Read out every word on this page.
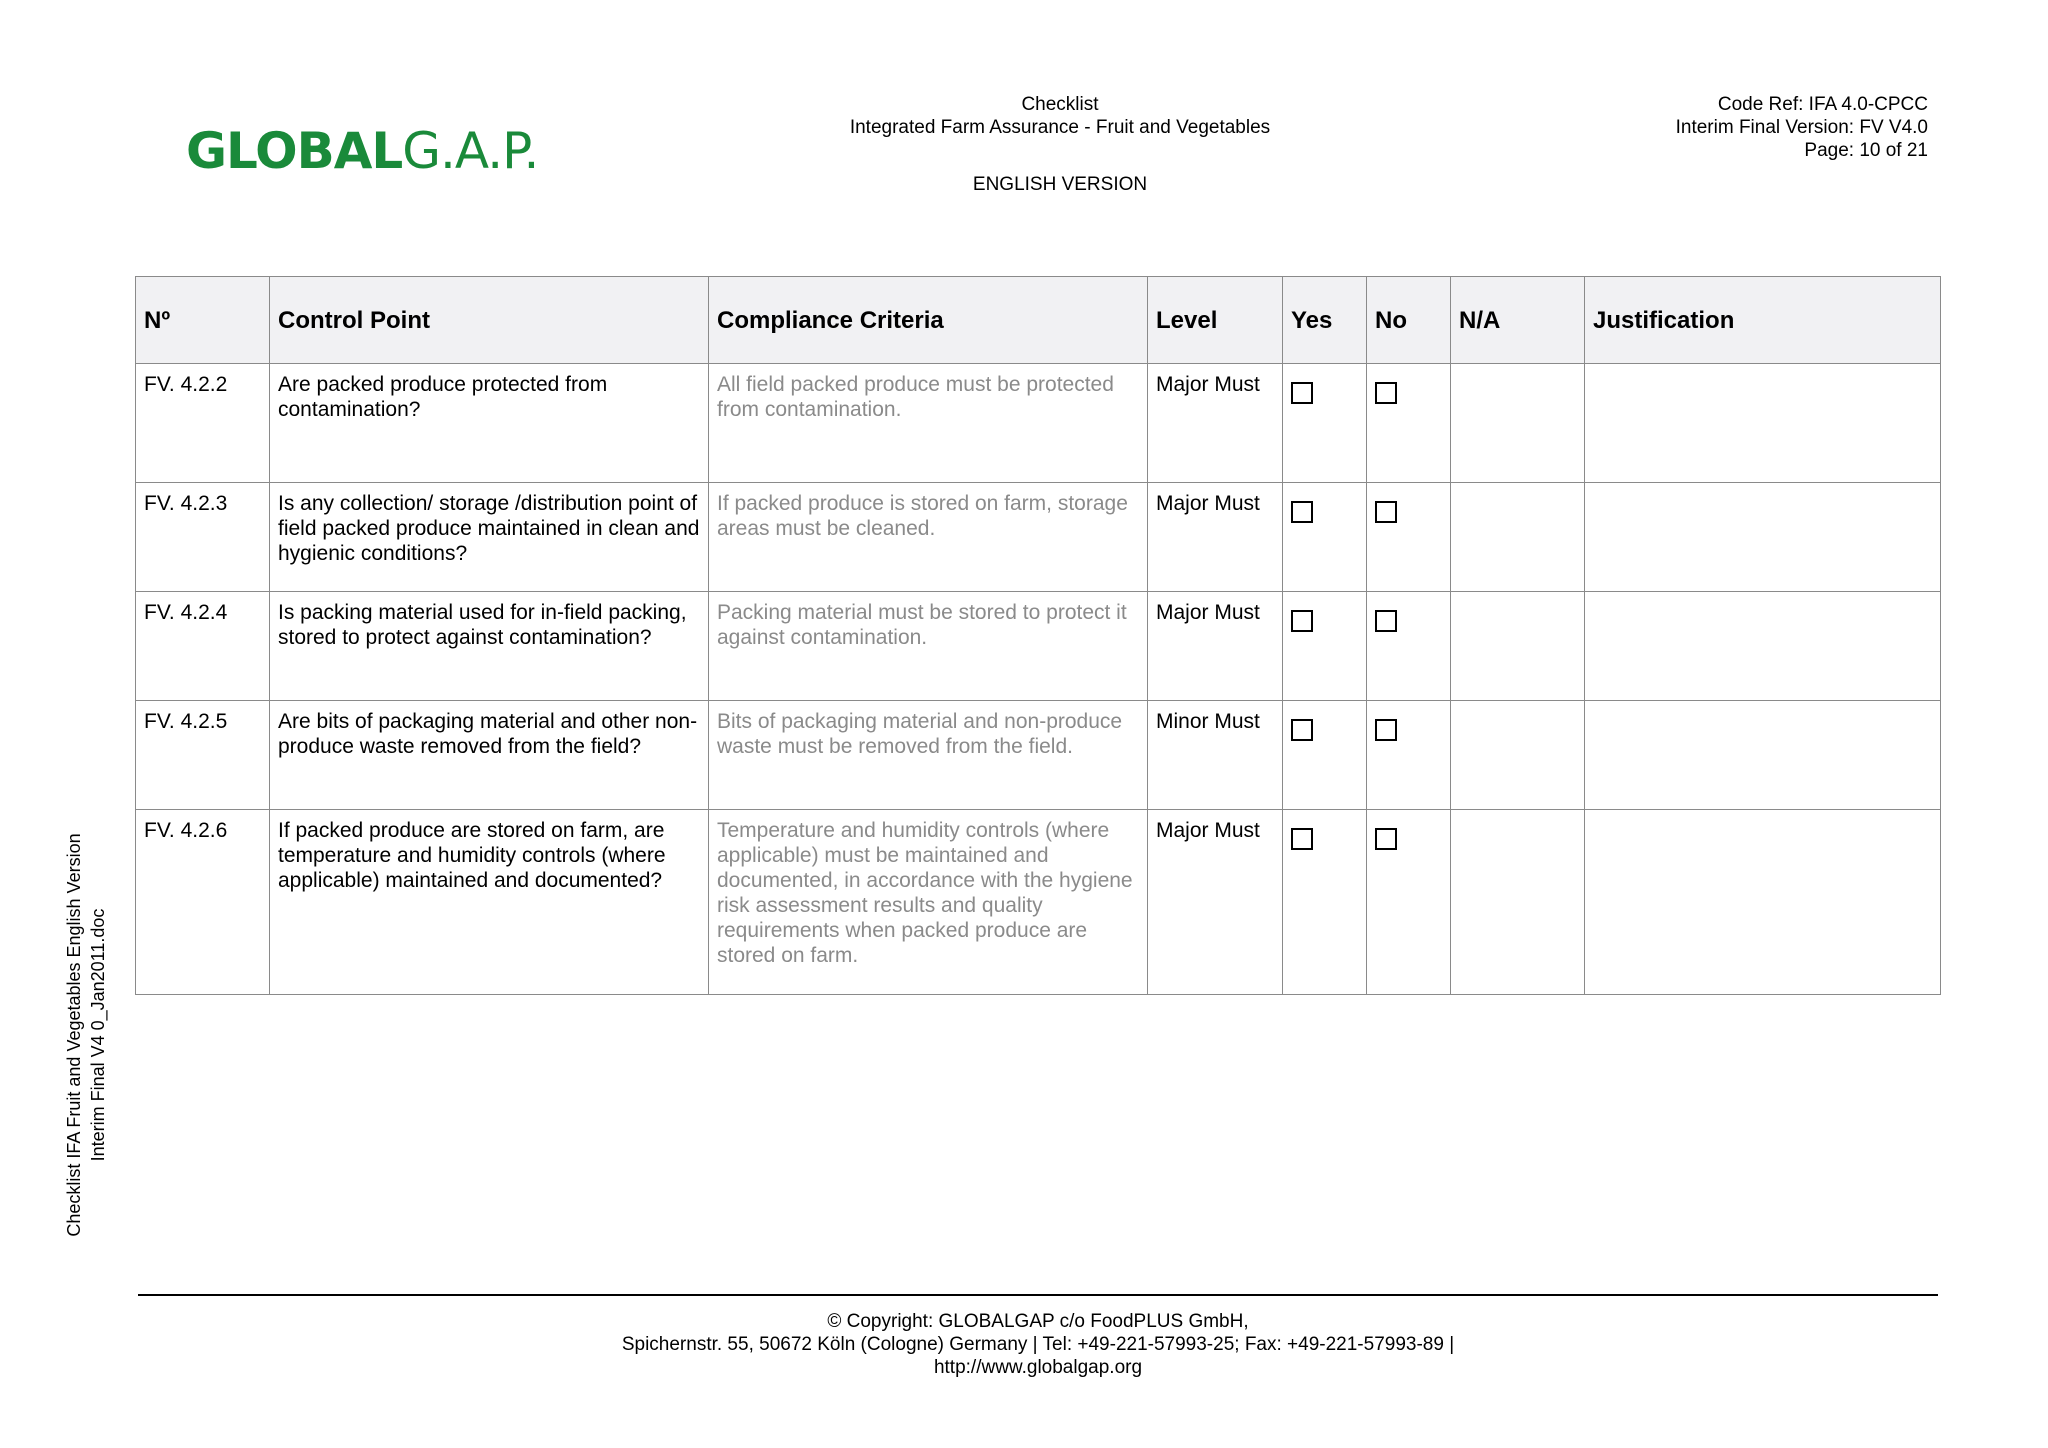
GLOBALG.A.P.
Checklist
Integrated Farm Assurance - Fruit and Vegetables
ENGLISH VERSION
Code Ref: IFA 4.0-CPCC
Interim Final Version: FV V4.0
Page: 10 of 21
Checklist IFA Fruit and Vegetables English Version Interim Final V4 0_Jan2011.doc
Nº	Control Point	Compliance Criteria	Level	Yes	No	N/A	Justification
FV. 4.2.2	Are packed produce protected from contamination?	All field packed produce must be protected from contamination.	Major Must				
FV. 4.2.3	Is any collection/ storage /distribution point of field packed produce maintained in clean and hygienic conditions?	If packed produce is stored on farm, storage areas must be cleaned.	Major Must				
FV. 4.2.4	Is packing material used for in-field packing, stored to protect against contamination?	Packing material must be stored to protect it against contamination.	Major Must				
FV. 4.2.5	Are bits of packaging material and other non-produce waste removed from the field?	Bits of packaging material and non-produce waste must be removed from the field.	Minor Must				
FV. 4.2.6	If packed produce are stored on farm, are temperature and humidity controls (where applicable) maintained and documented?	Temperature and humidity controls (where applicable) must be maintained and documented, in accordance with the hygiene risk assessment results and quality requirements when packed produce are stored on farm.	Major Must				
© Copyright: GLOBALGAP c/o FoodPLUS GmbH,
Spichernstr. 55, 50672 Köln (Cologne) Germany | Tel: +49-221-57993-25; Fax: +49-221-57993-89 |
http://www.globalgap.org
